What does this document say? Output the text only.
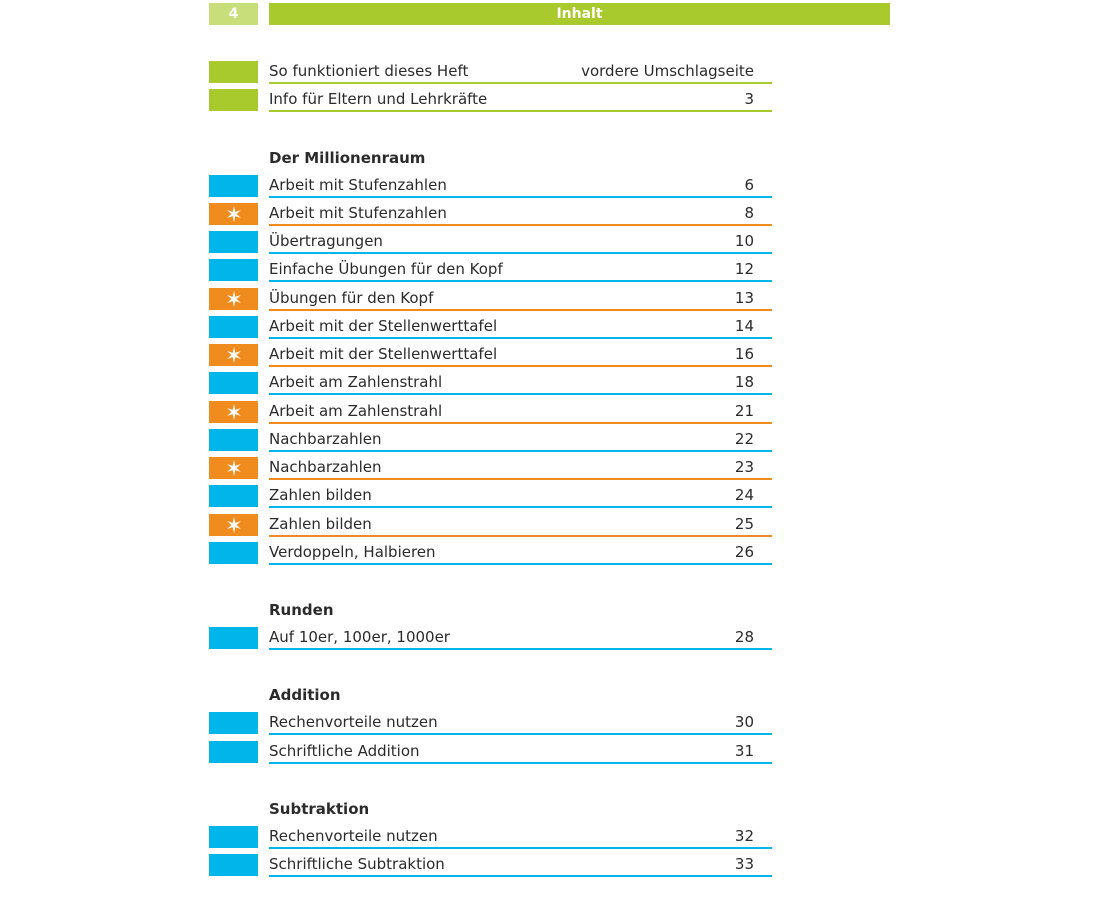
4	Inhalt
So funktioniert dieses Heft	vordere Umschlagseite
Info für Eltern und Lehrkräfte	3
Der Millionenraum
Arbeit mit Stufenzahlen	6
Arbeit mit Stufenzahlen	8
Übertragungen	10
Einfache Übungen für den Kopf	12
Übungen für den Kopf	13
Arbeit mit der Stellenwerttafel	14
Arbeit mit der Stellenwerttafel	16
Arbeit am Zahlenstrahl	18
Arbeit am Zahlenstrahl	21
Nachbarzahlen	22
Nachbarzahlen	23
Zahlen bilden	24
Zahlen bilden	25
Verdoppeln, Halbieren	26
Runden
Auf 10er, 100er, 1000er	28
Addition
Rechenvorteile nutzen	30
Schriftliche Addition	31
Subtraktion
Rechenvorteile nutzen	32
Schriftliche Subtraktion	33
